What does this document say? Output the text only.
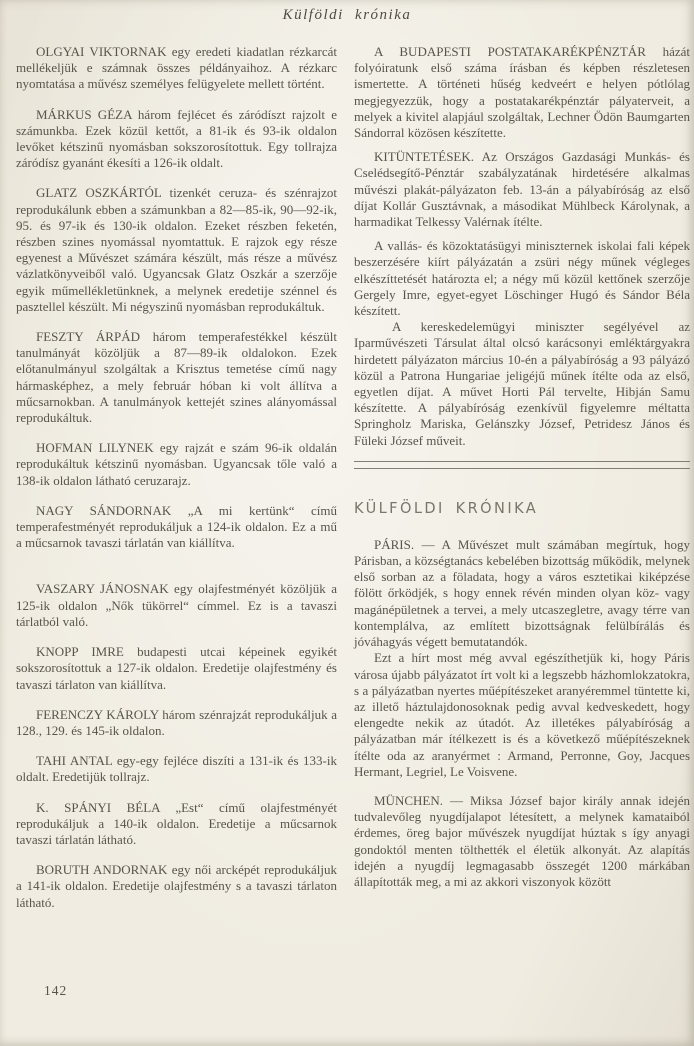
Külföldi krónika

OLGYAI VIKTORNAK egy eredeti kiadatlan rézkarcát mellékeljük e számnak összes példányaihoz. A rézkarc nyomtatása a művész személyes felügyelete mellett történt.

MÁRKUS GÉZA három fejlécet és záródíszt rajzolt e számunkba. Ezek közül kettőt, a 81-ik és 93-ik oldalon levőket kétszinű nyomásban sokszorosítottuk. Egy tollrajza záródísz gyanánt ékesíti a 126-ik oldalt.

GLATZ OSZKÁRTÓL tizenkét ceruza- és szénrajzot reprodukálunk ebben a számunkban a 82—85-ik, 90—92-ik, 95. és 97-ik és 130-ik oldalon. Ezeket részben feketén, részben szines nyomással nyomtattuk. E rajzok egy része egyenest a Művészet számára készült, más része a művész vázlatkönyveiből való. Ugyancsak Glatz Oszkár a szerzője egyik műmellékletünknek, a melynek eredetije szénnel és pasztellel készült. Mi négyszinű nyomásban reprodukáltuk.

FESZTY ÁRPÁD három temperafestékkel készült tanulmányát közöljük a 87—89-ik oldalokon. Ezek előtanulmányul szolgáltak a Krisztus temetése című nagy hármasképhez, a mely február hóban ki volt állítva a műcsarnokban. A tanulmányok kettejét szines alányomással reprodukáltuk.

HOFMAN LILYNEK egy rajzát e szám 96-ik oldalán reprodukáltuk kétszinű nyomásban. Ugyancsak tőle való a 138-ik oldalon látható ceruzarajz.

NAGY SÁNDORNAK „A mi kertünk“ című temperafestményét reprodukáljuk a 124-ik oldalon. Ez a mű a műcsarnok tavaszi tárlatán van kiállítva.

VASZARY JÁNOSNAK egy olajfestményét közöljük a 125-ik oldalon „Nők tükörrel“ címmel. Ez is a tavaszi tárlatból való.

KNOPP IMRE budapesti utcai képeinek egyikét sokszorosítottuk a 127-ik oldalon. Eredetije olajfestmény és tavaszi tárlaton van kiállítva.

FERENCZY KÁROLY három szénrajzát reprodukáljuk a 128., 129. és 145-ik oldalon.

TAHI ANTAL egy-egy fejléce diszíti a 131-ik és 133-ik oldalt. Eredetijük tollrajz.

K. SPÁNYI BÉLA „Est“ című olajfestményét reprodukáljuk a 140-ik oldalon. Eredetije a műcsarnok tavaszi tárlatán látható.

BORUTH ANDORNAK egy női arcképét reprodukáljuk a 141-ik oldalon. Eredetije olajfestmény s a tavaszi tárlaton látható.

A BUDAPESTI POSTATAKARÉKPÉNZTÁR házát folyóiratunk első száma írásban és képben részletesen ismertette. A történeti hűség kedveért e helyen pótlólag megjegyezzük, hogy a postatakarékpénztár pályaterveit, a melyek a kivitel alapjául szolgáltak, Lechner Ödön Baumgarten Sándorral közösen készítette.

KITÜNTETÉSEK. Az Országos Gazdasági Munkás- és Cselédsegítő-Pénztár szabályzatának hirdetésére alkalmas művészi plakát-pályázaton feb. 13-án a pályabíróság az első díjat Kollár Gusztávnak, a másodikat Mühlbeck Károlynak, a harmadikat Telkessy Valérnak ítélte.

A vallás- és közoktatásügyi miniszternek iskolai fali képek beszerzésére kiírt pályázatán a zsüri négy műnek végleges elkészíttetését határozta el; a négy mű közül kettőnek szerzője Gergely Imre, egyet-egyet Löschinger Hugó és Sándor Béla készített.

A kereskedelemügyi miniszter segélyével az Iparművészeti Társulat által olcsó karácsonyi emléktárgyakra hirdetett pályázaton március 10-én a pályabíróság a 93 pályázó közül a Patrona Hungariae jeligéjű műnek ítélte oda az első, egyetlen díjat. A művet Horti Pál tervelte, Hibján Samu készítette. A pályabíróság ezenkívül figyelemre méltatta Springholz Mariska, Gelánszky József, Petridesz János és Füleki József műveit.

KÜLFÖLDI KRÓNIKA

PÁRIS. — A Művészet mult számában megírtuk, hogy Párisban, a községtanács kebelében bizottság működik, melynek első sorban az a föladata, hogy a város esztetikai kiképzése fölött őrködjék, s hogy ennek révén minden olyan köz- vagy magánépületnek a tervei, a mely utcaszegletre, avagy térre van kontemplálva, az említett bizottságnak felülbírálás és jóváhagyás végett bemutatandók.

Ezt a hírt most még avval egészíthetjük ki, hogy Páris városa újabb pályázatot írt volt ki a legszebb házhomlokzatokra, s a pályázatban nyertes műépítészeket aranyéremmel tüntette ki, az illető háztulajdonosoknak pedig avval kedveskedett, hogy elengedte nekik az útadót. Az illetékes pályabíróság a pályázatban már ítélkezett is és a következő műépítészeknek ítélte oda az aranyérmet : Armand, Perronne, Goy, Jacques Hermant, Legriel, Le Voisvene.

MÜNCHEN. — Miksa József bajor király annak idején tudvalevőleg nyugdíjalapot létesített, a melynek kamataiból érdemes, öreg bajor művészek nyugdíjat húztak s így anyagi gondoktól menten tölthették el életük alkonyát. Az alapítás idején a nyugdíj legmagasabb összegét 1200 márkában állapították meg, a mi az akkori viszonyok között

142
